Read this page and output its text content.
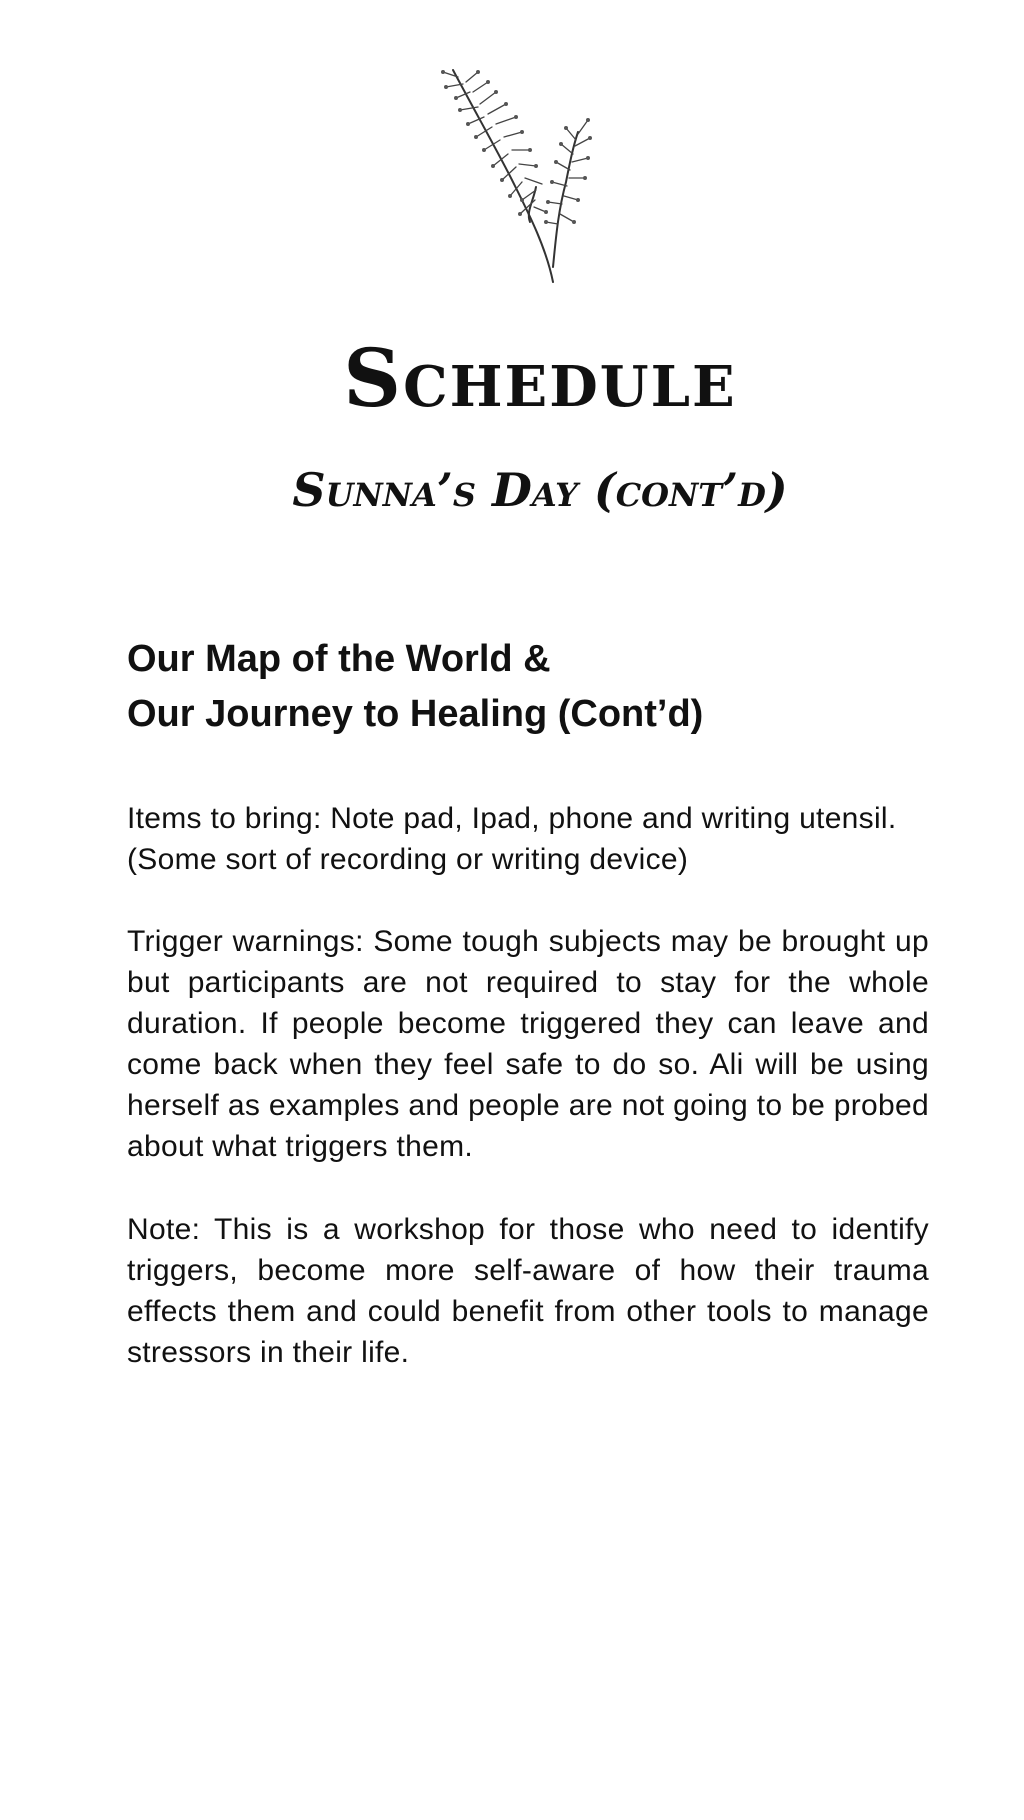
Schedule
Sunna’s Day (cont’d)
Our Map of the World &
Our Journey to Healing (Cont’d)

Items to bring: Note pad, Ipad, phone and writing utensil. (Some sort of recording or writing device)

Trigger warnings: Some tough subjects may be brought up but participants are not required to stay for the whole duration. If people become triggered they can leave and come back when they feel safe to do so. Ali will be using herself as examples and people are not going to be probed about what triggers them.

Note: This is a workshop for those who need to identify triggers, become more self-aware of how their trauma effects them and could benefit from other tools to manage stressors in their life.
